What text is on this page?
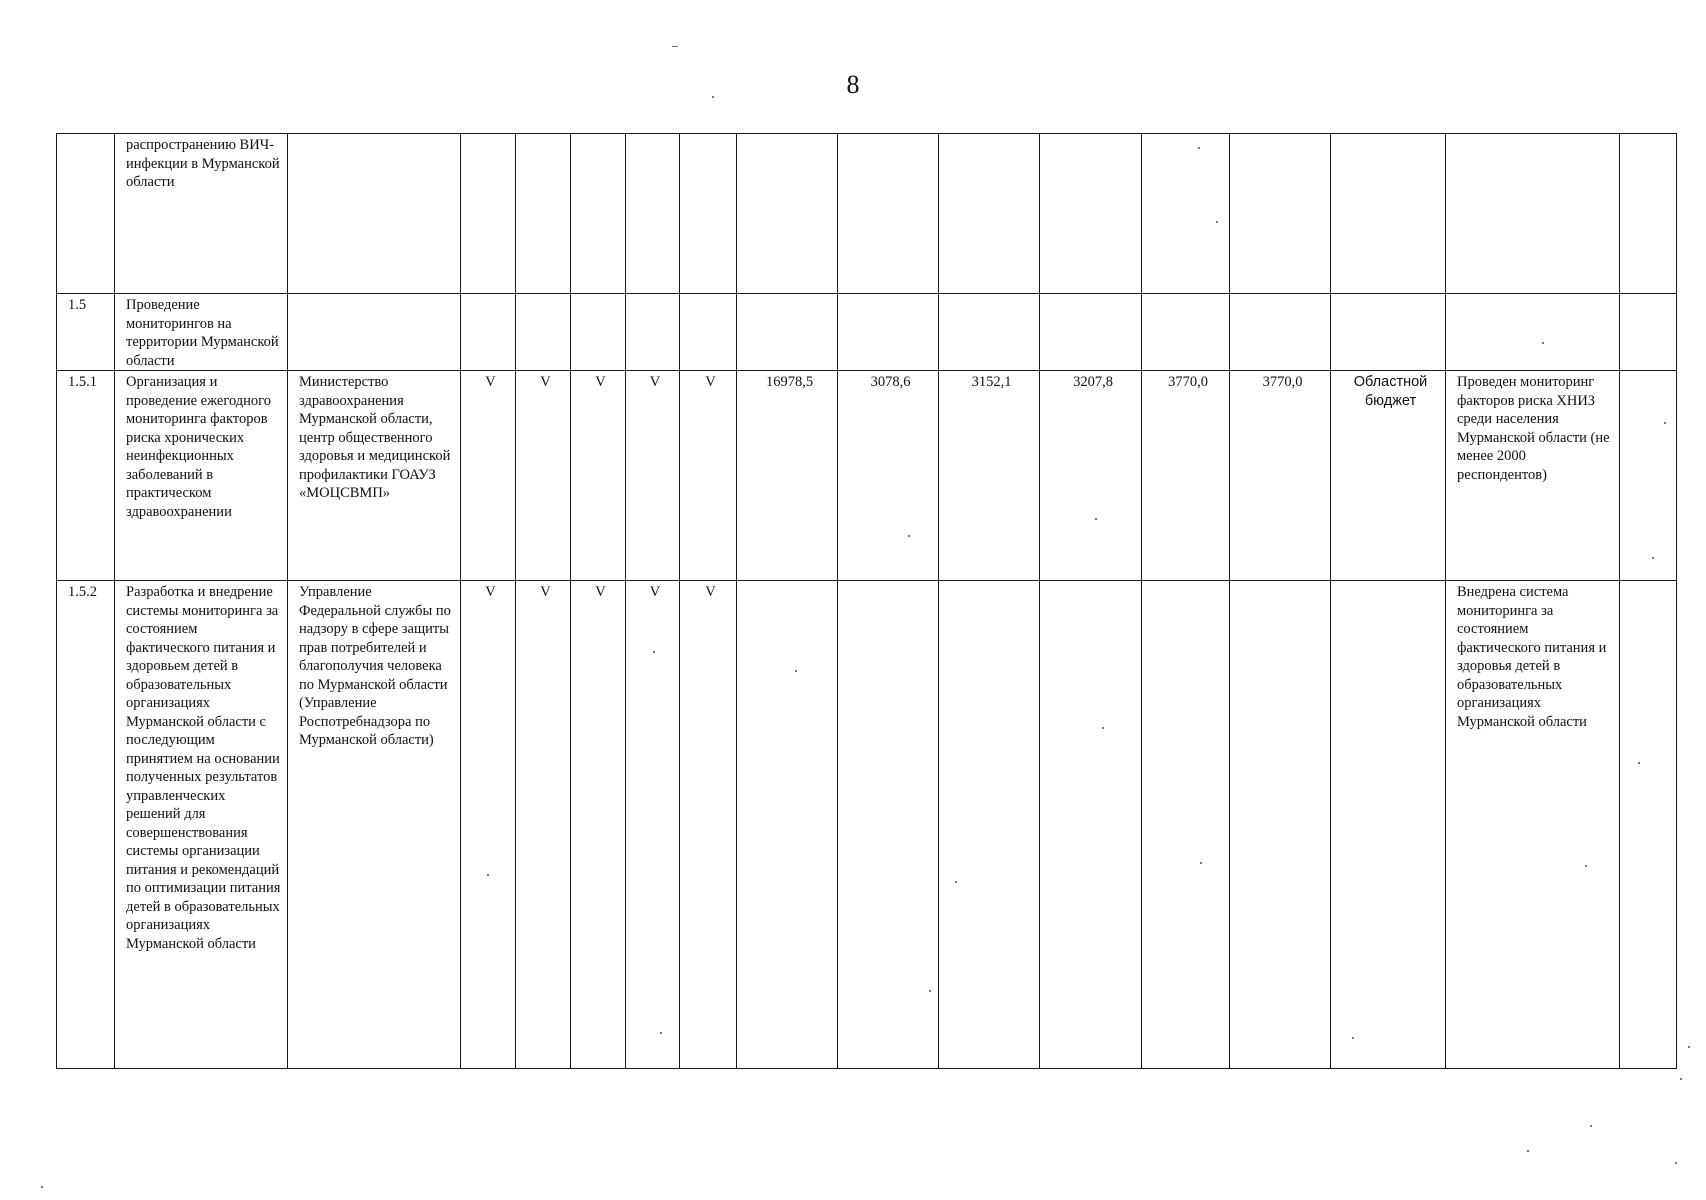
8
	распространению ВИЧ-инфекции в Мурманской области															
1.5	Проведение мониторингов на территории Мурманской области															
1.5.1	Организация и проведение ежегодного мониторинга факторов риска хронических неинфекционных заболеваний в практическом здравоохранении	Министерство здравоохранения Мурманской области, центр общественного здоровья и медицинской профилактики ГОАУЗ «МОЦСВМП»	V	V	V	V	V	16978,5	3078,6	3152,1	3207,8	3770,0	3770,0	Областной бюджет	Проведен мониторинг факторов риска ХНИЗ среди населения Мурманской области (не менее 2000 респондентов)	
1.5.2	Разработка и внедрение системы мониторинга за состоянием фактического питания и здоровьем детей в образовательных организациях Мурманской области с последующим принятием на основании полученных результатов управленческих решений для совершенствования системы организации питания и рекомендаций по оптимизации питания детей в образовательных организациях Мурманской области	Управление Федеральной службы по надзору в сфере защиты прав потребителей и благополучия человека по Мурманской области (Управление Роспотребнадзора по Мурманской области)	V	V	V	V	V								Внедрена система мониторинга за состоянием фактического питания и здоровья детей в образовательных организациях Мурманской области	
